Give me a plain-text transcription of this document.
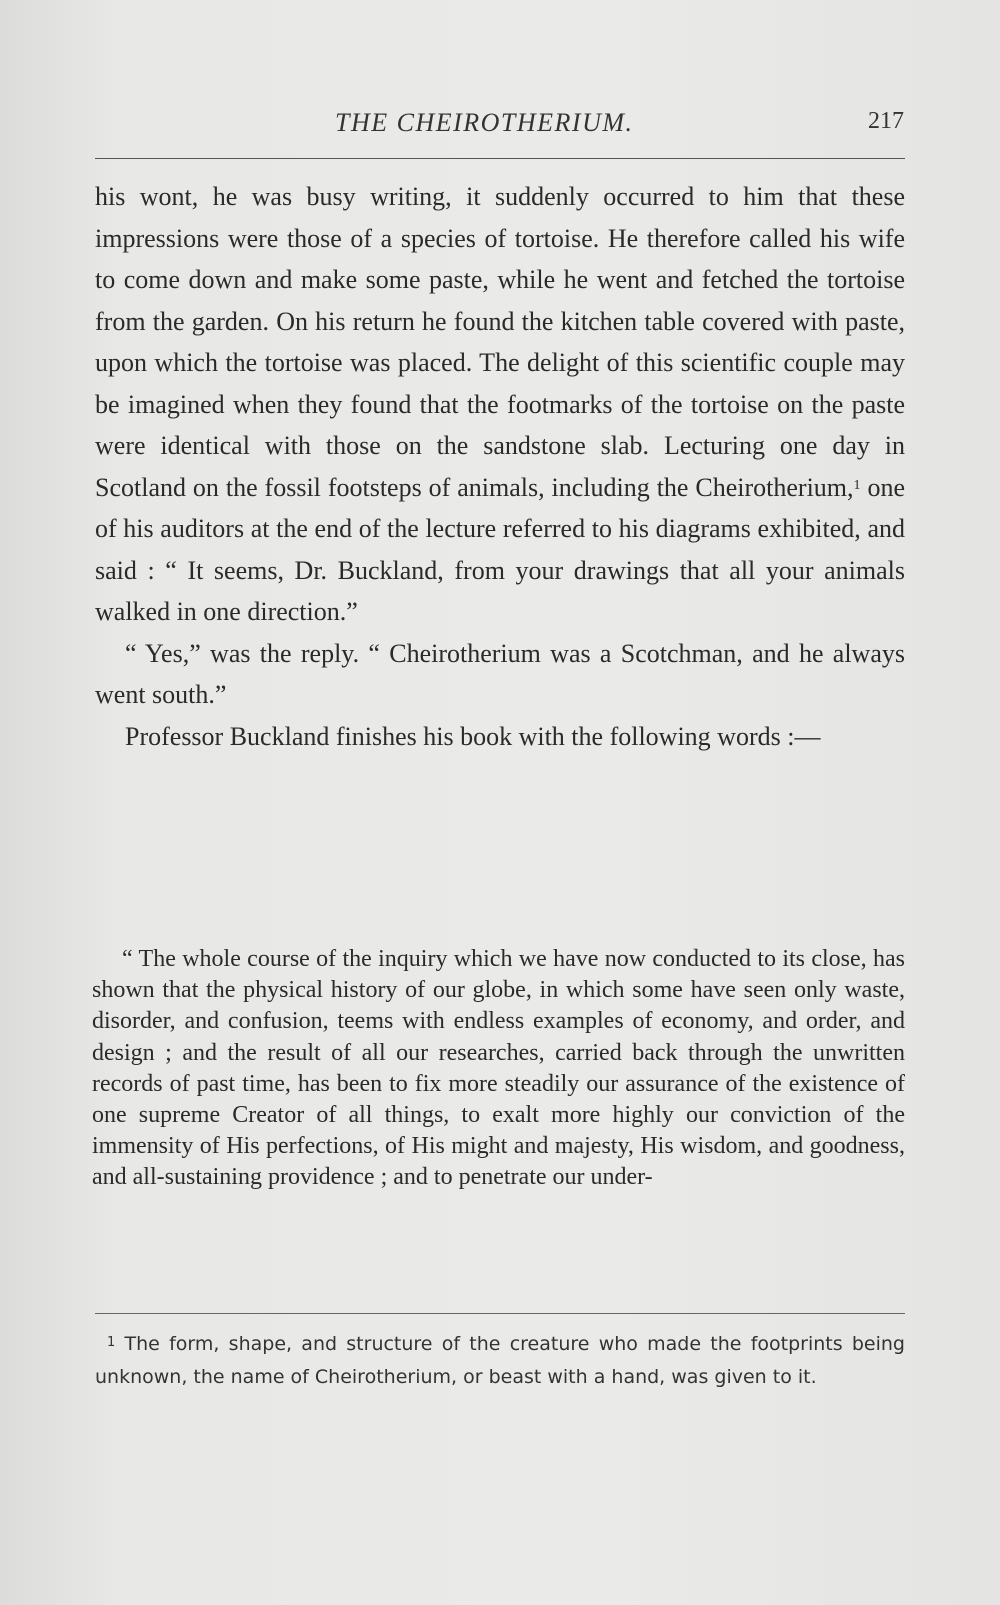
THE CHEIROTHERIUM.	217

his wont, he was busy writing, it suddenly occurred to him that these impressions were those of a species of tortoise. He therefore called his wife to come down and make some paste, while he went and fetched the tortoise from the garden. On his return he found the kitchen table covered with paste, upon which the tortoise was placed. The delight of this scientific couple may be imagined when they found that the footmarks of the tortoise on the paste were identical with those on the sandstone slab. Lecturing one day in Scotland on the fossil footsteps of animals, including the Cheirotherium,$^1$ one of his auditors at the end of the lecture referred to his diagrams exhibited, and said : “ It seems, Dr. Buckland, from your drawings that all your animals walked in one direction.”

“ Yes,” was the reply. “ Cheirotherium was a Scotchman, and he always went south.”

Professor Buckland finishes his book with the following words :—

“ The whole course of the inquiry which we have now conducted to its close, has shown that the physical history of our globe, in which some have seen only waste, disorder, and confusion, teems with endless examples of economy, and order, and design ; and the result of all our researches, carried back through the unwritten records of past time, has been to fix more steadily our assurance of the existence of one supreme Creator of all things, to exalt more highly our conviction of the immensity of His perfections, of His might and majesty, His wisdom, and goodness, and all-sustaining providence ; and to penetrate our under-

$^1$ The form, shape, and structure of the creature who made the footprints being unknown, the name of Cheirotherium, or beast with a hand, was given to it.
